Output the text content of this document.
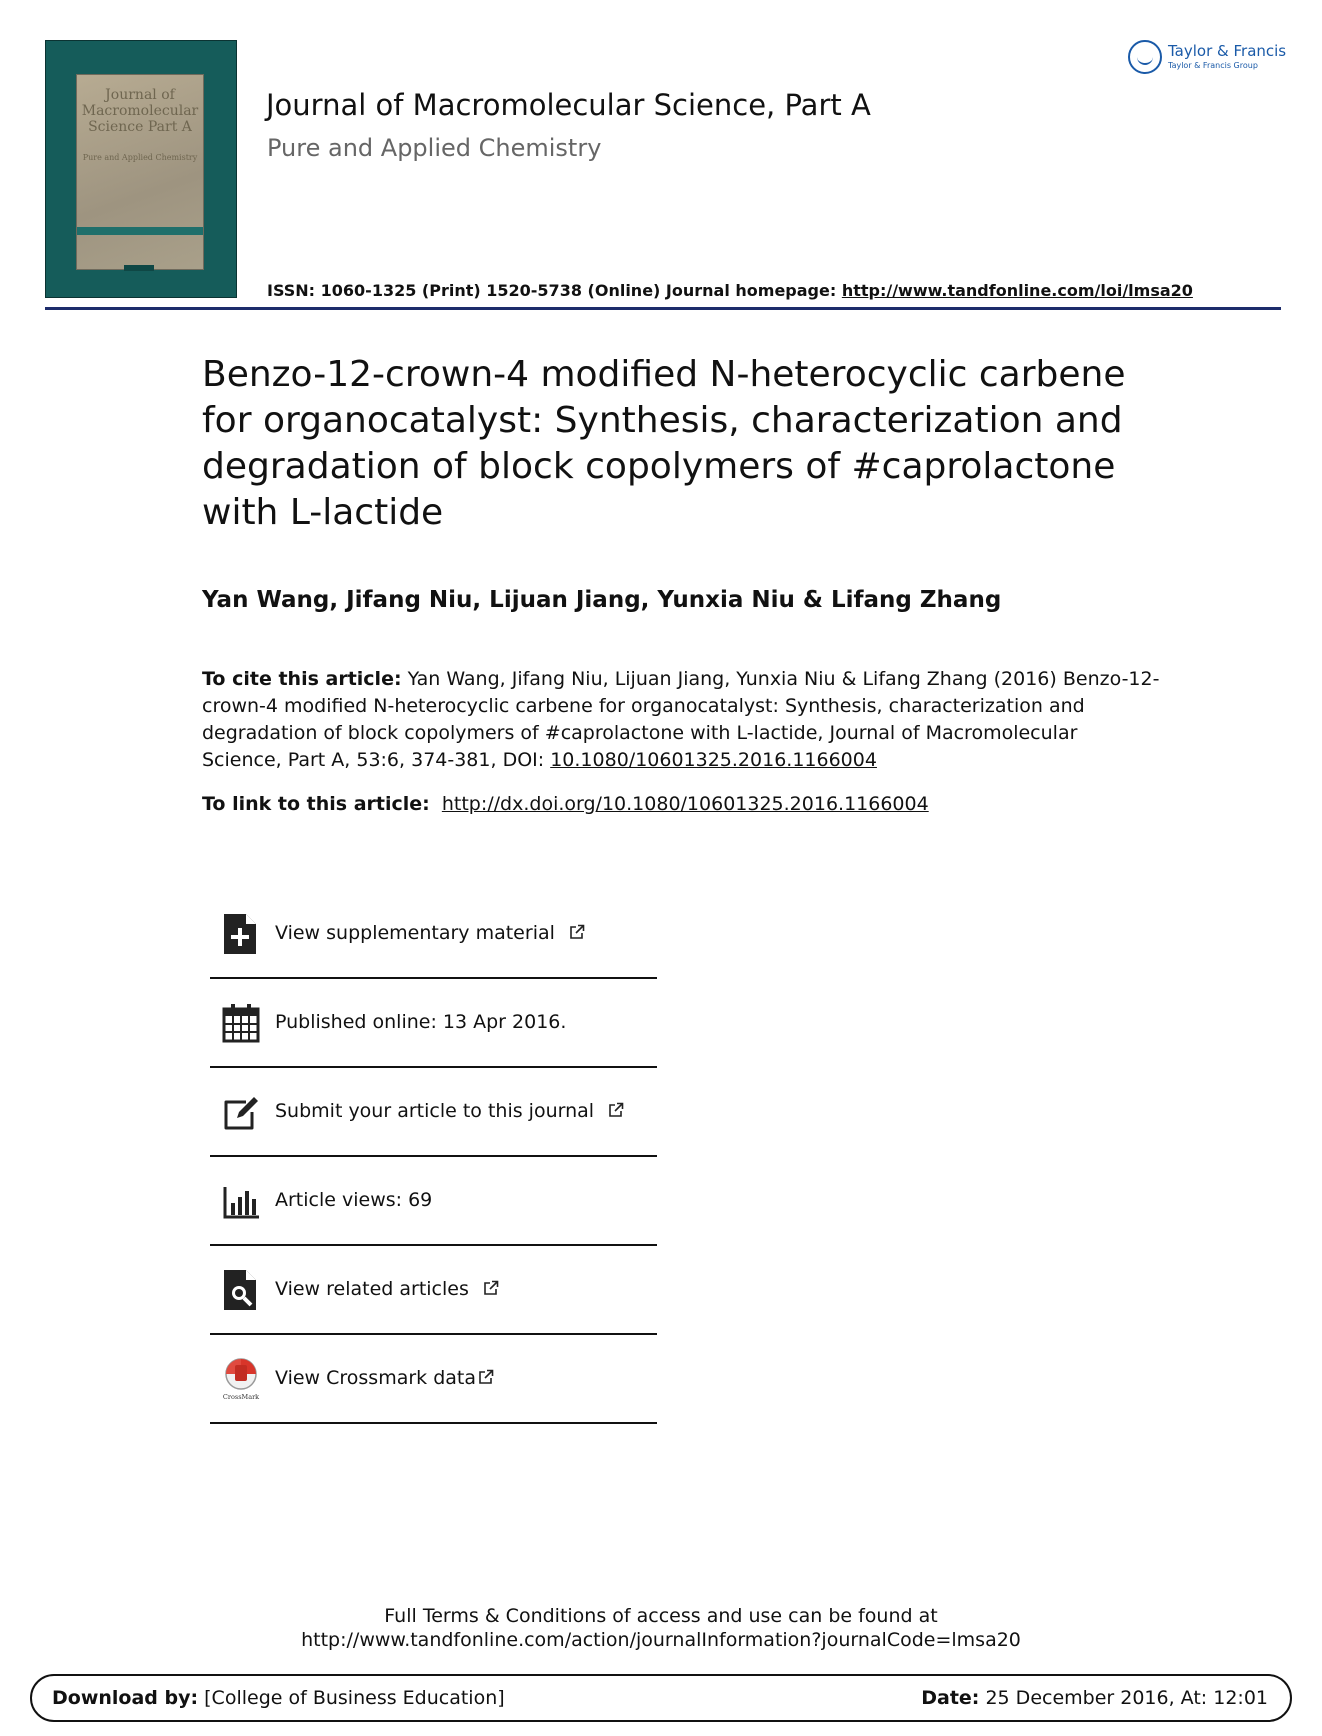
Journal of Macromolecular Science Part A
Pure and Applied Chemistry
Taylor & Francis
Taylor & Francis Group
Journal of Macromolecular Science, Part A
Pure and Applied Chemistry
ISSN: 1060-1325 (Print) 1520-5738 (Online) Journal homepage: http://www.tandfonline.com/loi/lmsa20
Benzo-12-crown-4 modified N-heterocyclic carbene for organocatalyst: Synthesis, characterization and degradation of block copolymers of #caprolactone with L-lactide
Yan Wang, Jifang Niu, Lijuan Jiang, Yunxia Niu & Lifang Zhang
To cite this article: Yan Wang, Jifang Niu, Lijuan Jiang, Yunxia Niu & Lifang Zhang (2016) Benzo-12-crown-4 modified N-heterocyclic carbene for organocatalyst: Synthesis, characterization and degradation of block copolymers of #caprolactone with L-lactide, Journal of Macromolecular Science, Part A, 53:6, 374-381, DOI: 10.1080/10601325.2016.1166004
To link to this article: http://dx.doi.org/10.1080/10601325.2016.1166004
View supplementary material
Published online: 13 Apr 2016.
Submit your article to this journal
Article views: 69
View related articles
CrossMark
View Crossmark data
Full Terms & Conditions of access and use can be found at
http://www.tandfonline.com/action/journalInformation?journalCode=lmsa20
Download by: [College of Business Education]	Date: 25 December 2016, At: 12:01
